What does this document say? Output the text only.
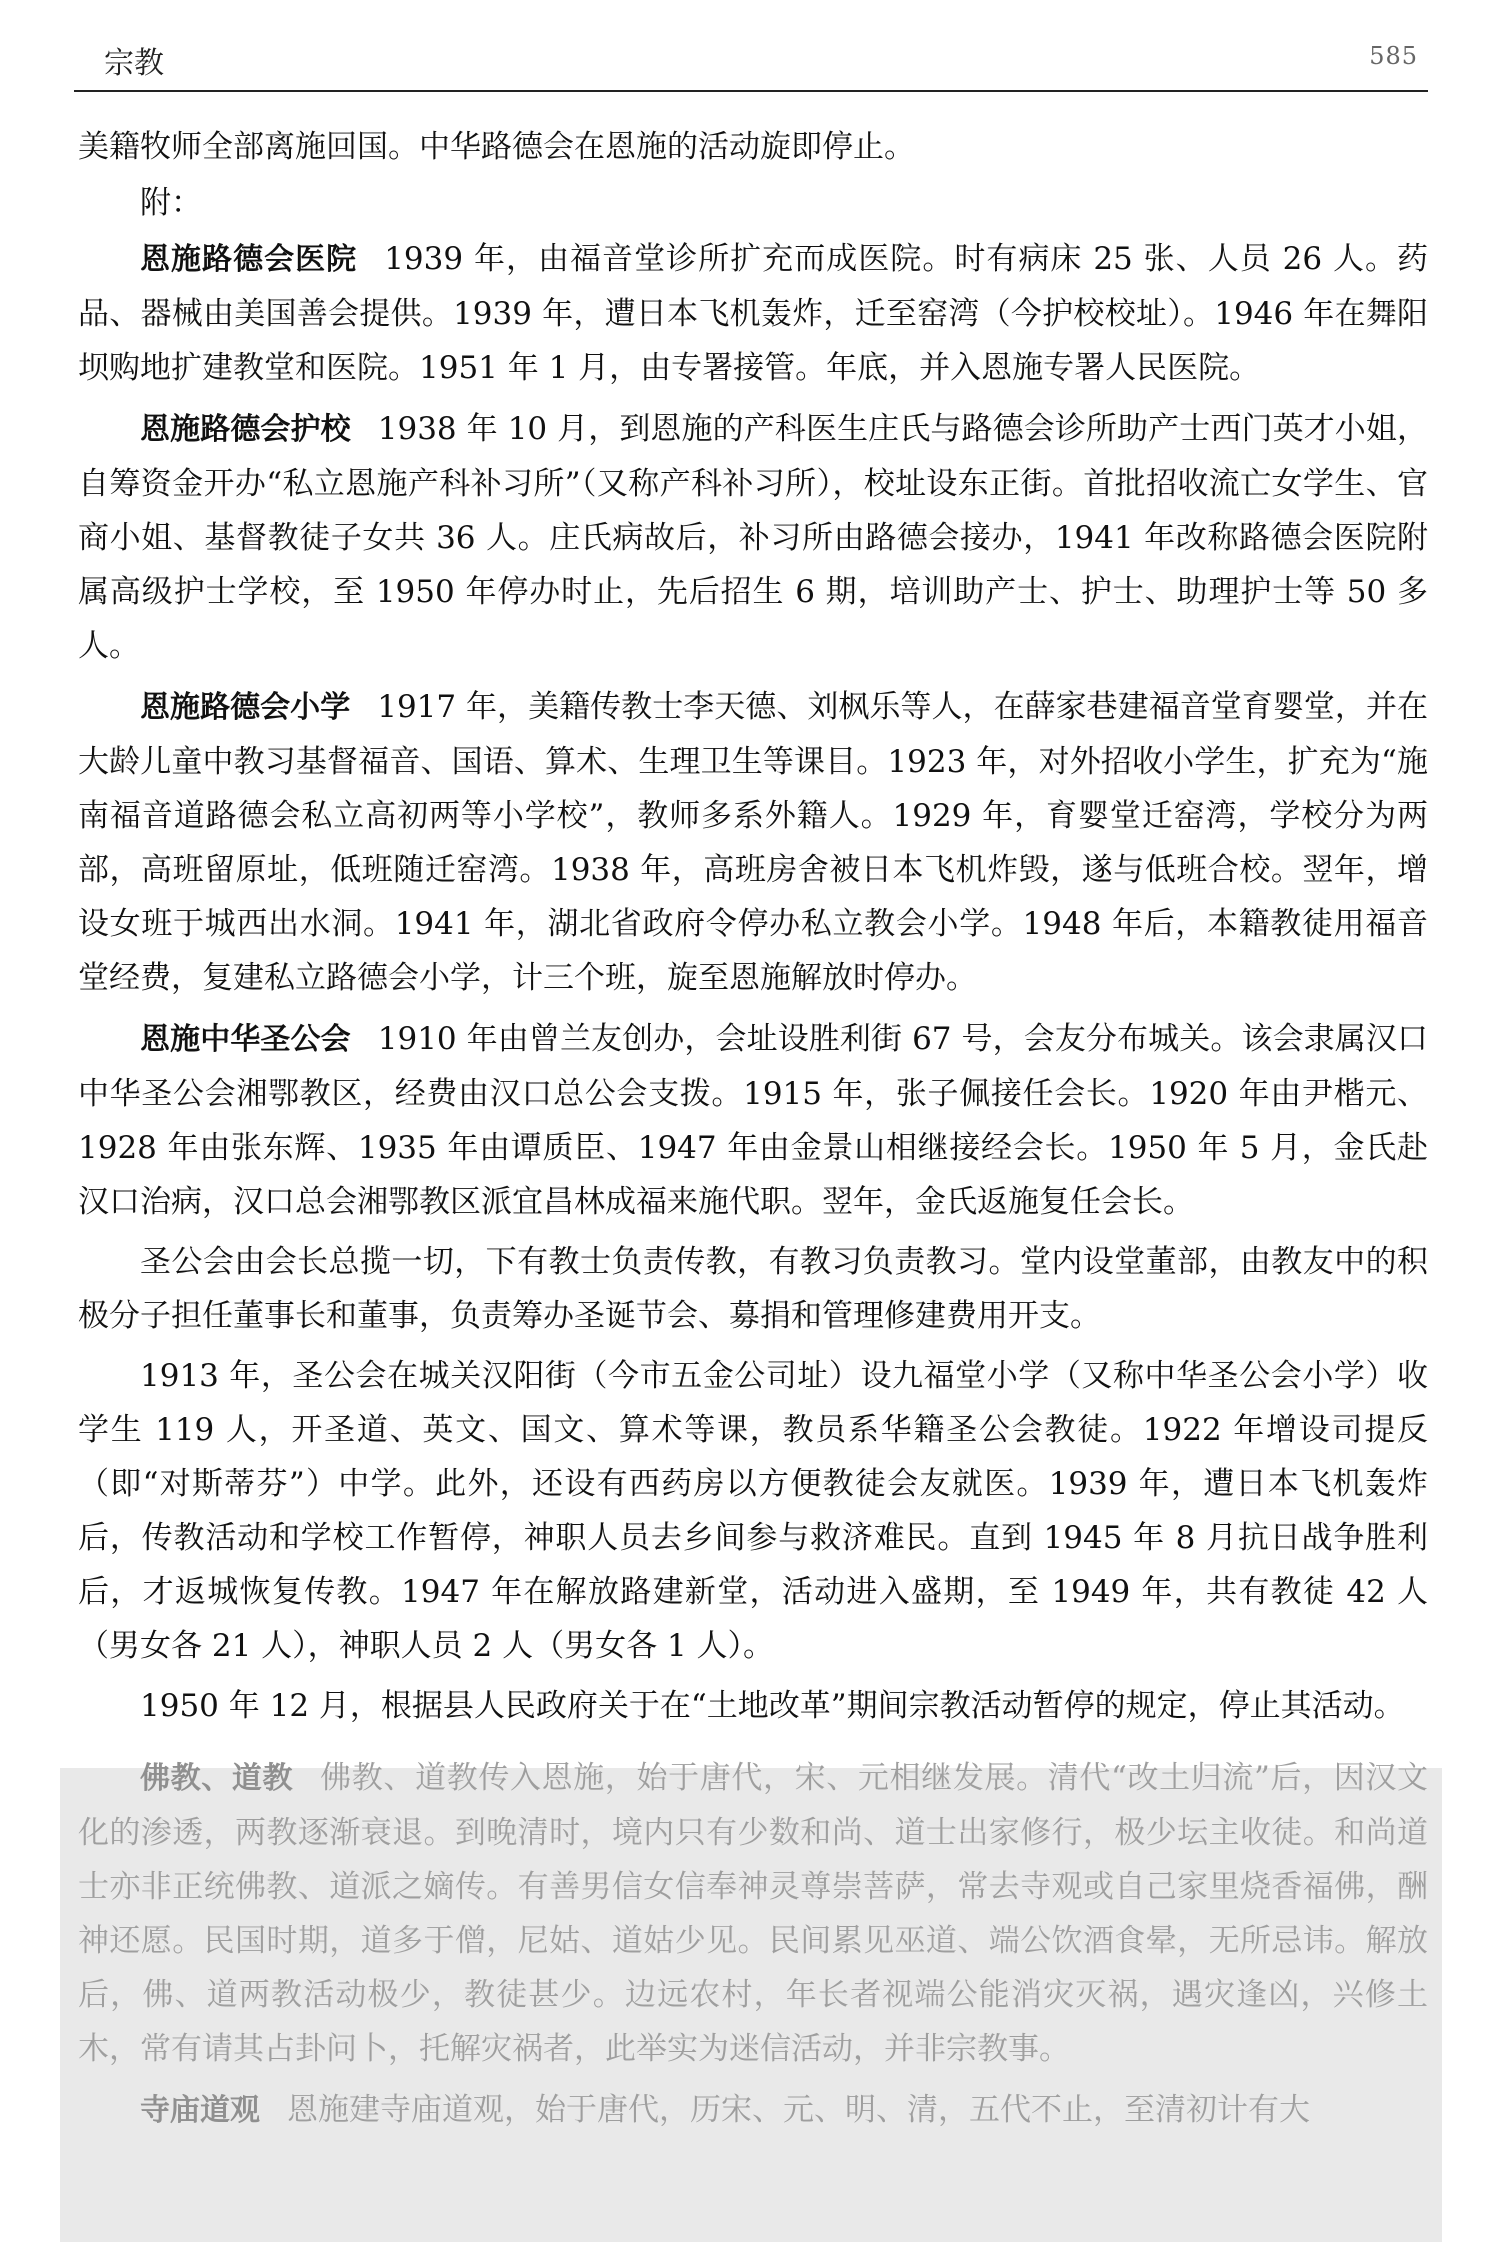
宗教	585

美籍牧师全部离施回国。中华路德会在恩施的活动旋即停止。

附：

恩施路德会医院 1939 年，由福音堂诊所扩充而成医院。时有病床 25 张、人员 26 人。药品、器械由美国善会提供。1939 年，遭日本飞机轰炸，迁至窑湾（今护校校址）。1946 年在舞阳坝购地扩建教堂和医院。1951 年 1 月，由专署接管。年底，并入恩施专署人民医院。

恩施路德会护校 1938 年 10 月，到恩施的产科医生庄氏与路德会诊所助产士西门英才小姐，自筹资金开办“私立恩施产科补习所”（又称产科补习所），校址设东正街。首批招收流亡女学生、官商小姐、基督教徒子女共 36 人。庄氏病故后，补习所由路德会接办，1941 年改称路德会医院附属高级护士学校，至 1950 年停办时止，先后招生 6 期，培训助产士、护士、助理护士等 50 多人。

恩施路德会小学 1917 年，美籍传教士李天德、刘枫乐等人，在薛家巷建福音堂育婴堂，并在大龄儿童中教习基督福音、国语、算术、生理卫生等课目。1923 年，对外招收小学生，扩充为“施南福音道路德会私立高初两等小学校”，教师多系外籍人。1929 年，育婴堂迁窑湾，学校分为两部，高班留原址，低班随迁窑湾。1938 年，高班房舍被日本飞机炸毁，遂与低班合校。翌年，增设女班于城西出水洞。1941 年，湖北省政府令停办私立教会小学。1948 年后，本籍教徒用福音堂经费，复建私立路德会小学，计三个班，旋至恩施解放时停办。

恩施中华圣公会 1910 年由曾兰友创办，会址设胜利街 67 号，会友分布城关。该会隶属汉口中华圣公会湘鄂教区，经费由汉口总公会支拨。1915 年，张子佩接任会长。1920 年由尹楷元、1928 年由张东辉、1935 年由谭质臣、1947 年由金景山相继接经会长。1950 年 5 月，金氏赴汉口治病，汉口总会湘鄂教区派宜昌林成福来施代职。翌年，金氏返施复任会长。

圣公会由会长总揽一切，下有教士负责传教，有教习负责教习。堂内设堂董部，由教友中的积极分子担任董事长和董事，负责筹办圣诞节会、募捐和管理修建费用开支。

1913 年，圣公会在城关汉阳街（今市五金公司址）设九福堂小学（又称中华圣公会小学）收学生 119 人，开圣道、英文、国文、算术等课，教员系华籍圣公会教徒。1922 年增设司提反（即“对斯蒂芬”）中学。此外，还设有西药房以方便教徒会友就医。1939 年，遭日本飞机轰炸后，传教活动和学校工作暂停，神职人员去乡间参与救济难民。直到 1945 年 8 月抗日战争胜利后，才返城恢复传教。1947 年在解放路建新堂，活动进入盛期，至 1949 年，共有教徒 42 人（男女各 21 人），神职人员 2 人（男女各 1 人）。

1950 年 12 月，根据县人民政府关于在“土地改革”期间宗教活动暂停的规定，停止其活动。

佛教、道教 佛教、道教传入恩施，始于唐代，宋、元相继发展。清代“改土归流”后，因汉文化的渗透，两教逐渐衰退。到晚清时，境内只有少数和尚、道士出家修行，极少坛主收徒。和尚道士亦非正统佛教、道派之嫡传。有善男信女信奉神灵尊崇菩萨，常去寺观或自己家里烧香福佛，酬神还愿。民国时期，道多于僧，尼姑、道姑少见。民间累见巫道、端公饮酒食晕，无所忌讳。解放后，佛、道两教活动极少，教徒甚少。边远农村，年长者视端公能消灾灭祸，遇灾逢凶，兴修土木，常有请其占卦问卜，托解灾祸者，此举实为迷信活动，并非宗教事。

寺庙道观 恩施建寺庙道观，始于唐代，历宋、元、明、清，五代不止，至清初计有大
